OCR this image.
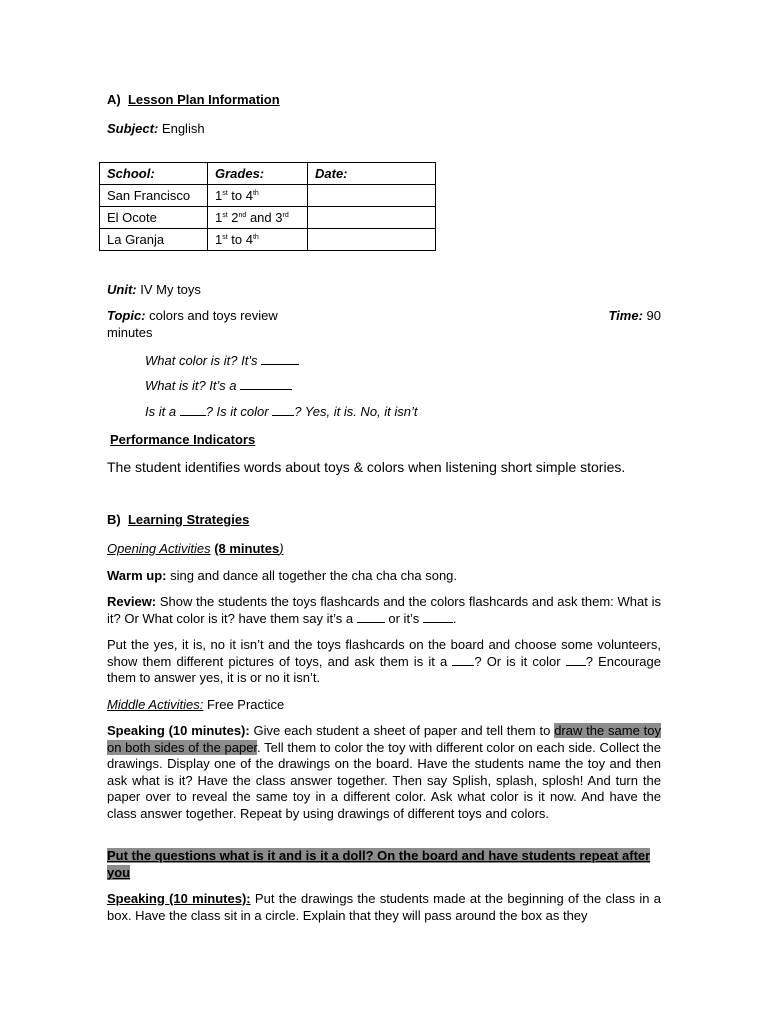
A) Lesson Plan Information
Subject: English
School:	Grades:	Date:
San Francisco	1st to 4th	
El Ocote	1st 2nd and 3rd	
La Granja	1st to 4th	
Unit: IV My toys
Topic: colors and toys review	Time: 90
minutes
What color is it? It’s
What is it? It’s a
Is it a ? Is it color ? Yes, it is. No, it isn’t
Performance Indicators
The student identifies words about toys & colors when listening short simple stories.
B) Learning Strategies
Opening Activities (8 minutes)
Warm up: sing and dance all together the cha cha cha song.
Review: Show the students the toys flashcards and the colors flashcards and ask them: What is it? Or What color is it? have them say it’s a	or it’s	.
Put the yes, it is, no it isn’t and the toys flashcards on the board and choose some volunteers, show them different pictures of toys, and ask them is it a ? Or is it color ? Encourage them to answer yes, it is or no it isn’t.
Middle Activities: Free Practice
Speaking (10 minutes): Give each student a sheet of paper and tell them to draw the same toy on both sides of the paper. Tell them to color the toy with different color on each side. Collect the drawings. Display one of the drawings on the board. Have the students name the toy and then ask what is it? Have the class answer together. Then say Splish, splash, splosh! And turn the paper over to reveal the same toy in a different color. Ask what color is it now. And have the class answer together. Repeat by using drawings of different toys and colors.
Put the questions what is it and is it a doll? On the board and have students repeat after you
Speaking (10 minutes): Put the drawings the students made at the beginning of the class in a box. Have the class sit in a circle. Explain that they will pass around the box as they
